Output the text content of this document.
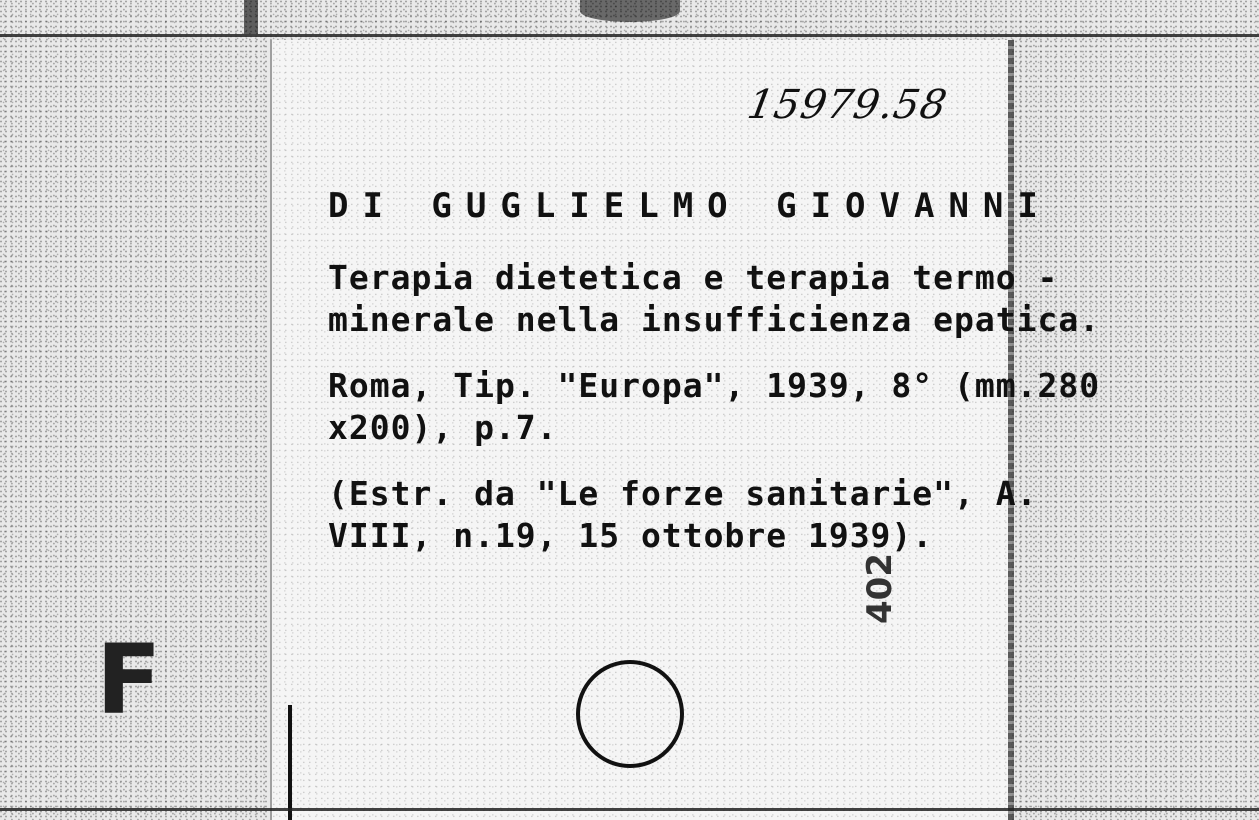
15979.58
DI GUGLIELMO GIOVANNI
Terapia dietetica e terapia termo -
minerale nella insufficienza epatica.
Roma, Tip. "Europa", 1939, 8° (mm.280
x200), p.7.
(Estr. da "Le forze sanitarie", A.
VIII, n.19, 15 ottobre 1939).
402
F
